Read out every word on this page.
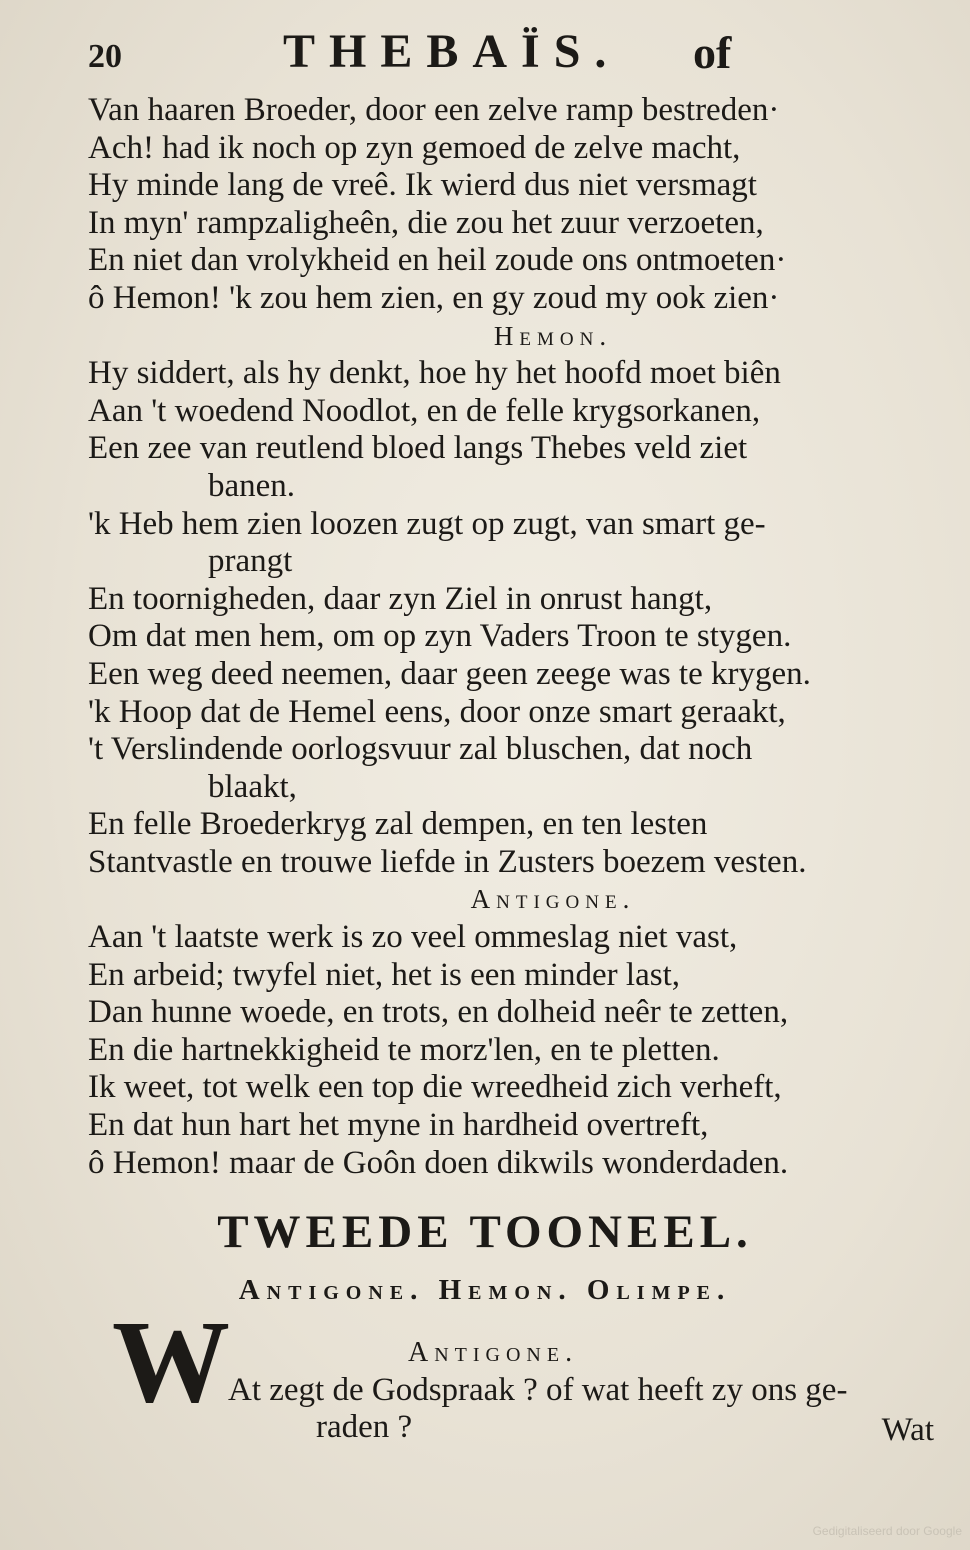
20	THEBAÏS. of
Van haaren Broeder, door een zelve ramp bestreden·
Ach! had ik noch op zyn gemoed de zelve macht,
Hy minde lang de vreê. Ik wierd dus niet versmagt
In myn' rampzaligheên, die zou het zuur verzoeten,
En niet dan vrolykheid en heil zoude ons ontmoeten·
ô Hemon! 'k zou hem zien, en gy zoud my ook zien·
Hemon.
Hy siddert, als hy denkt, hoe hy het hoofd moet biên
Aan 't woedend Noodlot, en de felle krygsorkanen,
Een zee van reutlend bloed langs Thebes veld ziet
banen.
'k Heb hem zien loozen zugt op zugt, van smart ge-
prangt
En toornigheden, daar zyn Ziel in onrust hangt,
Om dat men hem, om op zyn Vaders Troon te stygen.
Een weg deed neemen, daar geen zeege was te krygen.
'k Hoop dat de Hemel eens, door onze smart geraakt,
't Verslindende oorlogsvuur zal bluschen, dat noch
blaakt,
En felle Broederkryg zal dempen, en ten lesten
Stantvastle en trouwe liefde in Zusters boezem vesten.
Antigone.
Aan 't laatste werk is zo veel ommeslag niet vast,
En arbeid; twyfel niet, het is een minder last,
Dan hunne woede, en trots, en dolheid neêr te zetten,
En die hartnekkigheid te morz'len, en te pletten.
Ik weet, tot welk een top die wreedheid zich verheft,
En dat hun hart het myne in hardheid overtreft,
ô Hemon! maar de Goôn doen dikwils wonderdaden.
TWEEDE TOONEEL.
Antigone. Hemon. Olimpe.
W	Antigone.
At zegt de Godspraak ? of wat heeft zy ons ge-
raden ?	Wat
Gedigitaliseerd door Google
